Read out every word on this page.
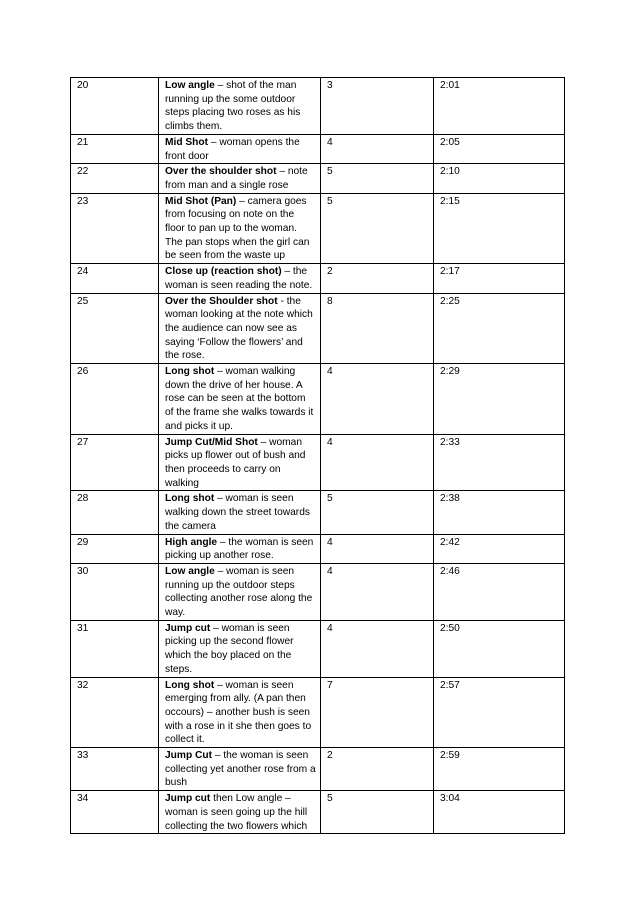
20	Low angle – shot of the man running up the some outdoor steps placing two roses as his climbs them.	3	2:01
21	Mid Shot – woman opens the front door	4	2:05
22	Over the shoulder shot – note from man and a single rose	5	2:10
23	Mid Shot (Pan) – camera goes from focusing on note on the floor to pan up to the woman. The pan stops when the girl can be seen from the waste up	5	2:15
24	Close up (reaction shot) – the woman is seen reading the note.	2	2:17
25	Over the Shoulder shot - the woman looking at the note which the audience can now see as saying ‘Follow the flowers’ and the rose.	8	2:25
26	Long shot – woman walking down the drive of her house. A rose can be seen at the bottom of the frame she walks towards it and picks it up.	4	2:29
27	Jump Cut/Mid Shot – woman picks up flower out of bush and then proceeds to carry on walking	4	2:33
28	Long shot – woman is seen walking down the street towards the camera	5	2:38
29	High angle – the woman is seen picking up another rose.	4	2:42
30	Low angle – woman is seen running up the outdoor steps collecting another rose along the way.	4	2:46
31	Jump cut – woman is seen picking up the second flower which the boy placed on the steps.	4	2:50
32	Long shot – woman is seen emerging from ally. (A pan then occours) – another bush is seen with a rose in it she then goes to collect it.	7	2:57
33	Jump Cut – the woman is seen collecting yet another rose from a bush	2	2:59
34	Jump cut then Low angle – woman is seen going up the hill collecting the two flowers which	5	3:04
